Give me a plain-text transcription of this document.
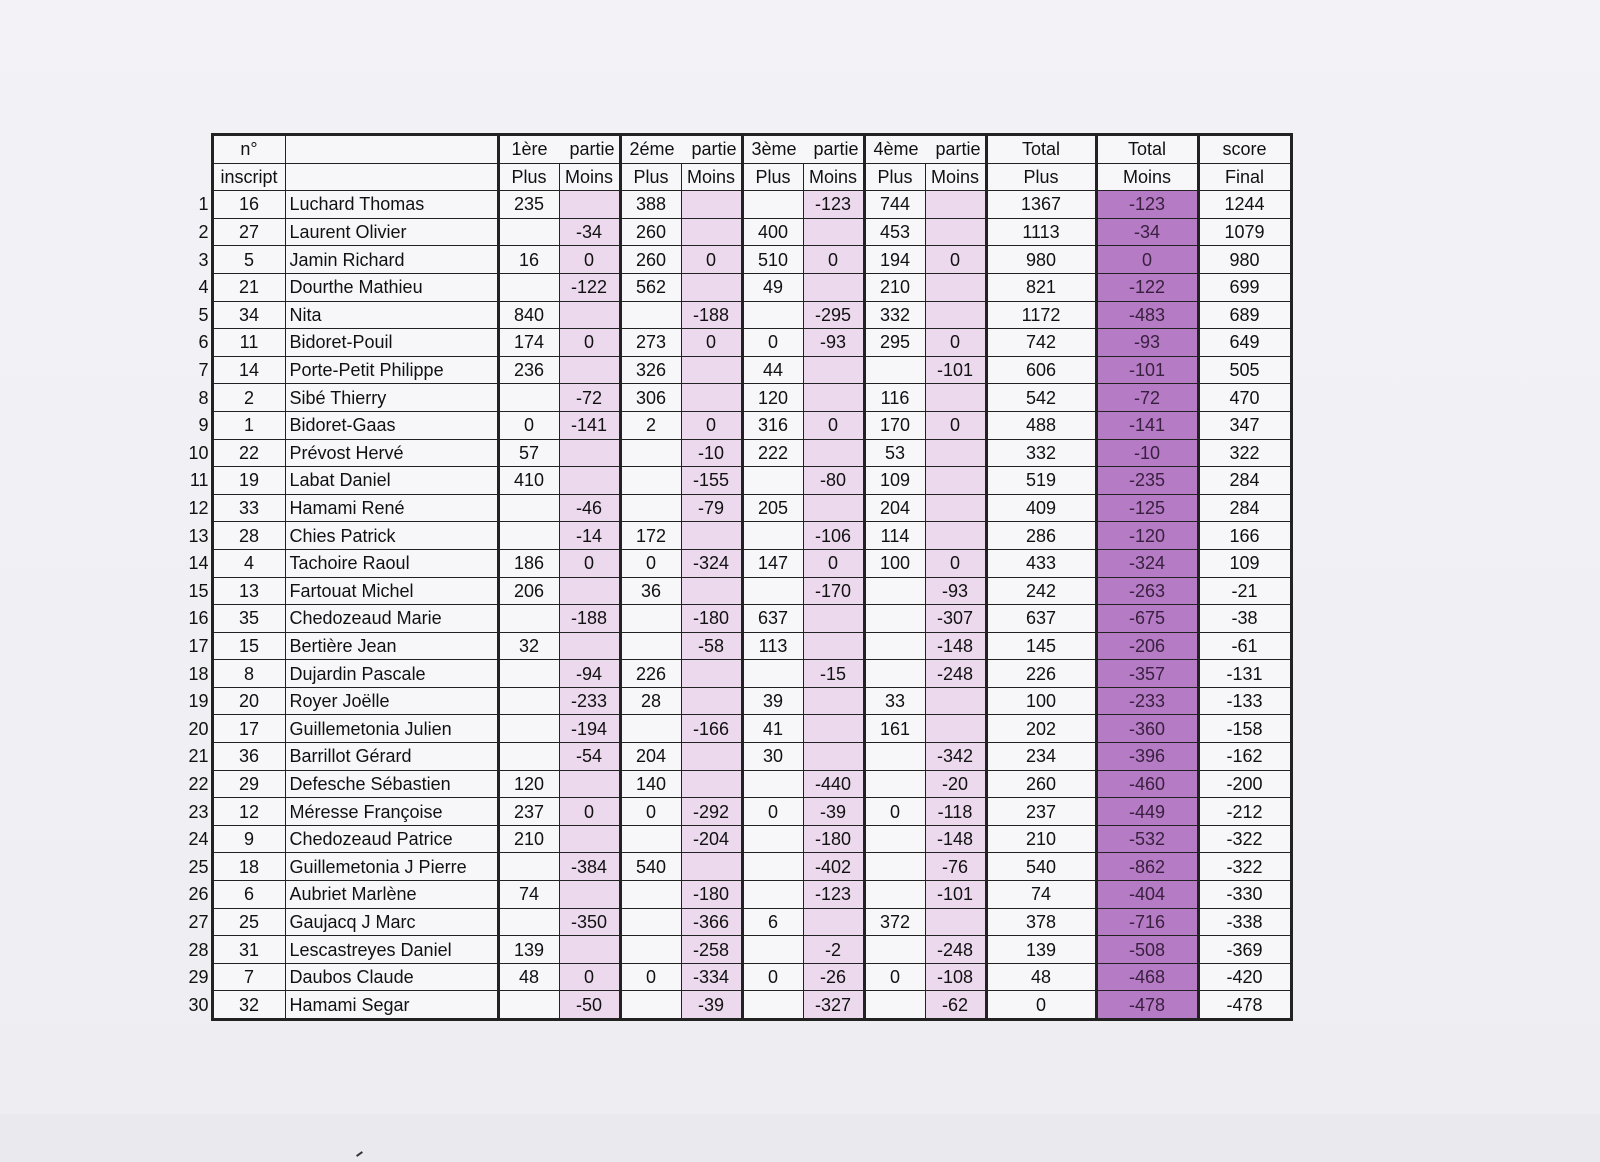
	n°		1ère partie		2éme partie		3ème partie		4ème partie		Total	Total	score
	inscript		Plus	Moins	Plus	Moins	Plus	Moins	Plus	Moins	Plus	Moins	Final
1	16	Luchard Thomas	235		388			-123	744		1367	-123	1244
2	27	Laurent Olivier		-34	260		400		453		1113	-34	1079
3	5	Jamin Richard	16	0	260	0	510	0	194	0	980	0	980
4	21	Dourthe Mathieu		-122	562		49		210		821	-122	699
5	34	Nita	840			-188		-295	332		1172	-483	689
6	11	Bidoret-Pouil	174	0	273	0	0	-93	295	0	742	-93	649
7	14	Porte-Petit Philippe	236		326		44			-101	606	-101	505
8	2	Sibé Thierry		-72	306		120		116		542	-72	470
9	1	Bidoret-Gaas	0	-141	2	0	316	0	170	0	488	-141	347
10	22	Prévost Hervé	57			-10	222		53		332	-10	322
11	19	Labat Daniel	410			-155		-80	109		519	-235	284
12	33	Hamami René		-46		-79	205		204		409	-125	284
13	28	Chies Patrick		-14	172			-106	114		286	-120	166
14	4	Tachoire Raoul	186	0	0	-324	147	0	100	0	433	-324	109
15	13	Fartouat Michel	206		36			-170		-93	242	-263	-21
16	35	Chedozeaud Marie		-188		-180	637			-307	637	-675	-38
17	15	Bertière Jean	32			-58	113			-148	145	-206	-61
18	8	Dujardin Pascale		-94	226			-15		-248	226	-357	-131
19	20	Royer Joëlle		-233	28		39		33		100	-233	-133
20	17	Guillemetonia Julien		-194		-166	41		161		202	-360	-158
21	36	Barrillot Gérard		-54	204		30			-342	234	-396	-162
22	29	Defesche Sébastien	120		140			-440		-20	260	-460	-200
23	12	Méresse Françoise	237	0	0	-292	0	-39	0	-118	237	-449	-212
24	9	Chedozeaud Patrice	210			-204		-180		-148	210	-532	-322
25	18	Guillemetonia J Pierre		-384	540			-402		-76	540	-862	-322
26	6	Aubriet Marlène	74			-180		-123		-101	74	-404	-330
27	25	Gaujacq J Marc		-350		-366	6		372		378	-716	-338
28	31	Lescastreyes Daniel	139			-258		-2		-248	139	-508	-369
29	7	Daubos Claude	48	0	0	-334	0	-26	0	-108	48	-468	-420
30	32	Hamami Segar		-50		-39		-327		-62	0	-478	-478
